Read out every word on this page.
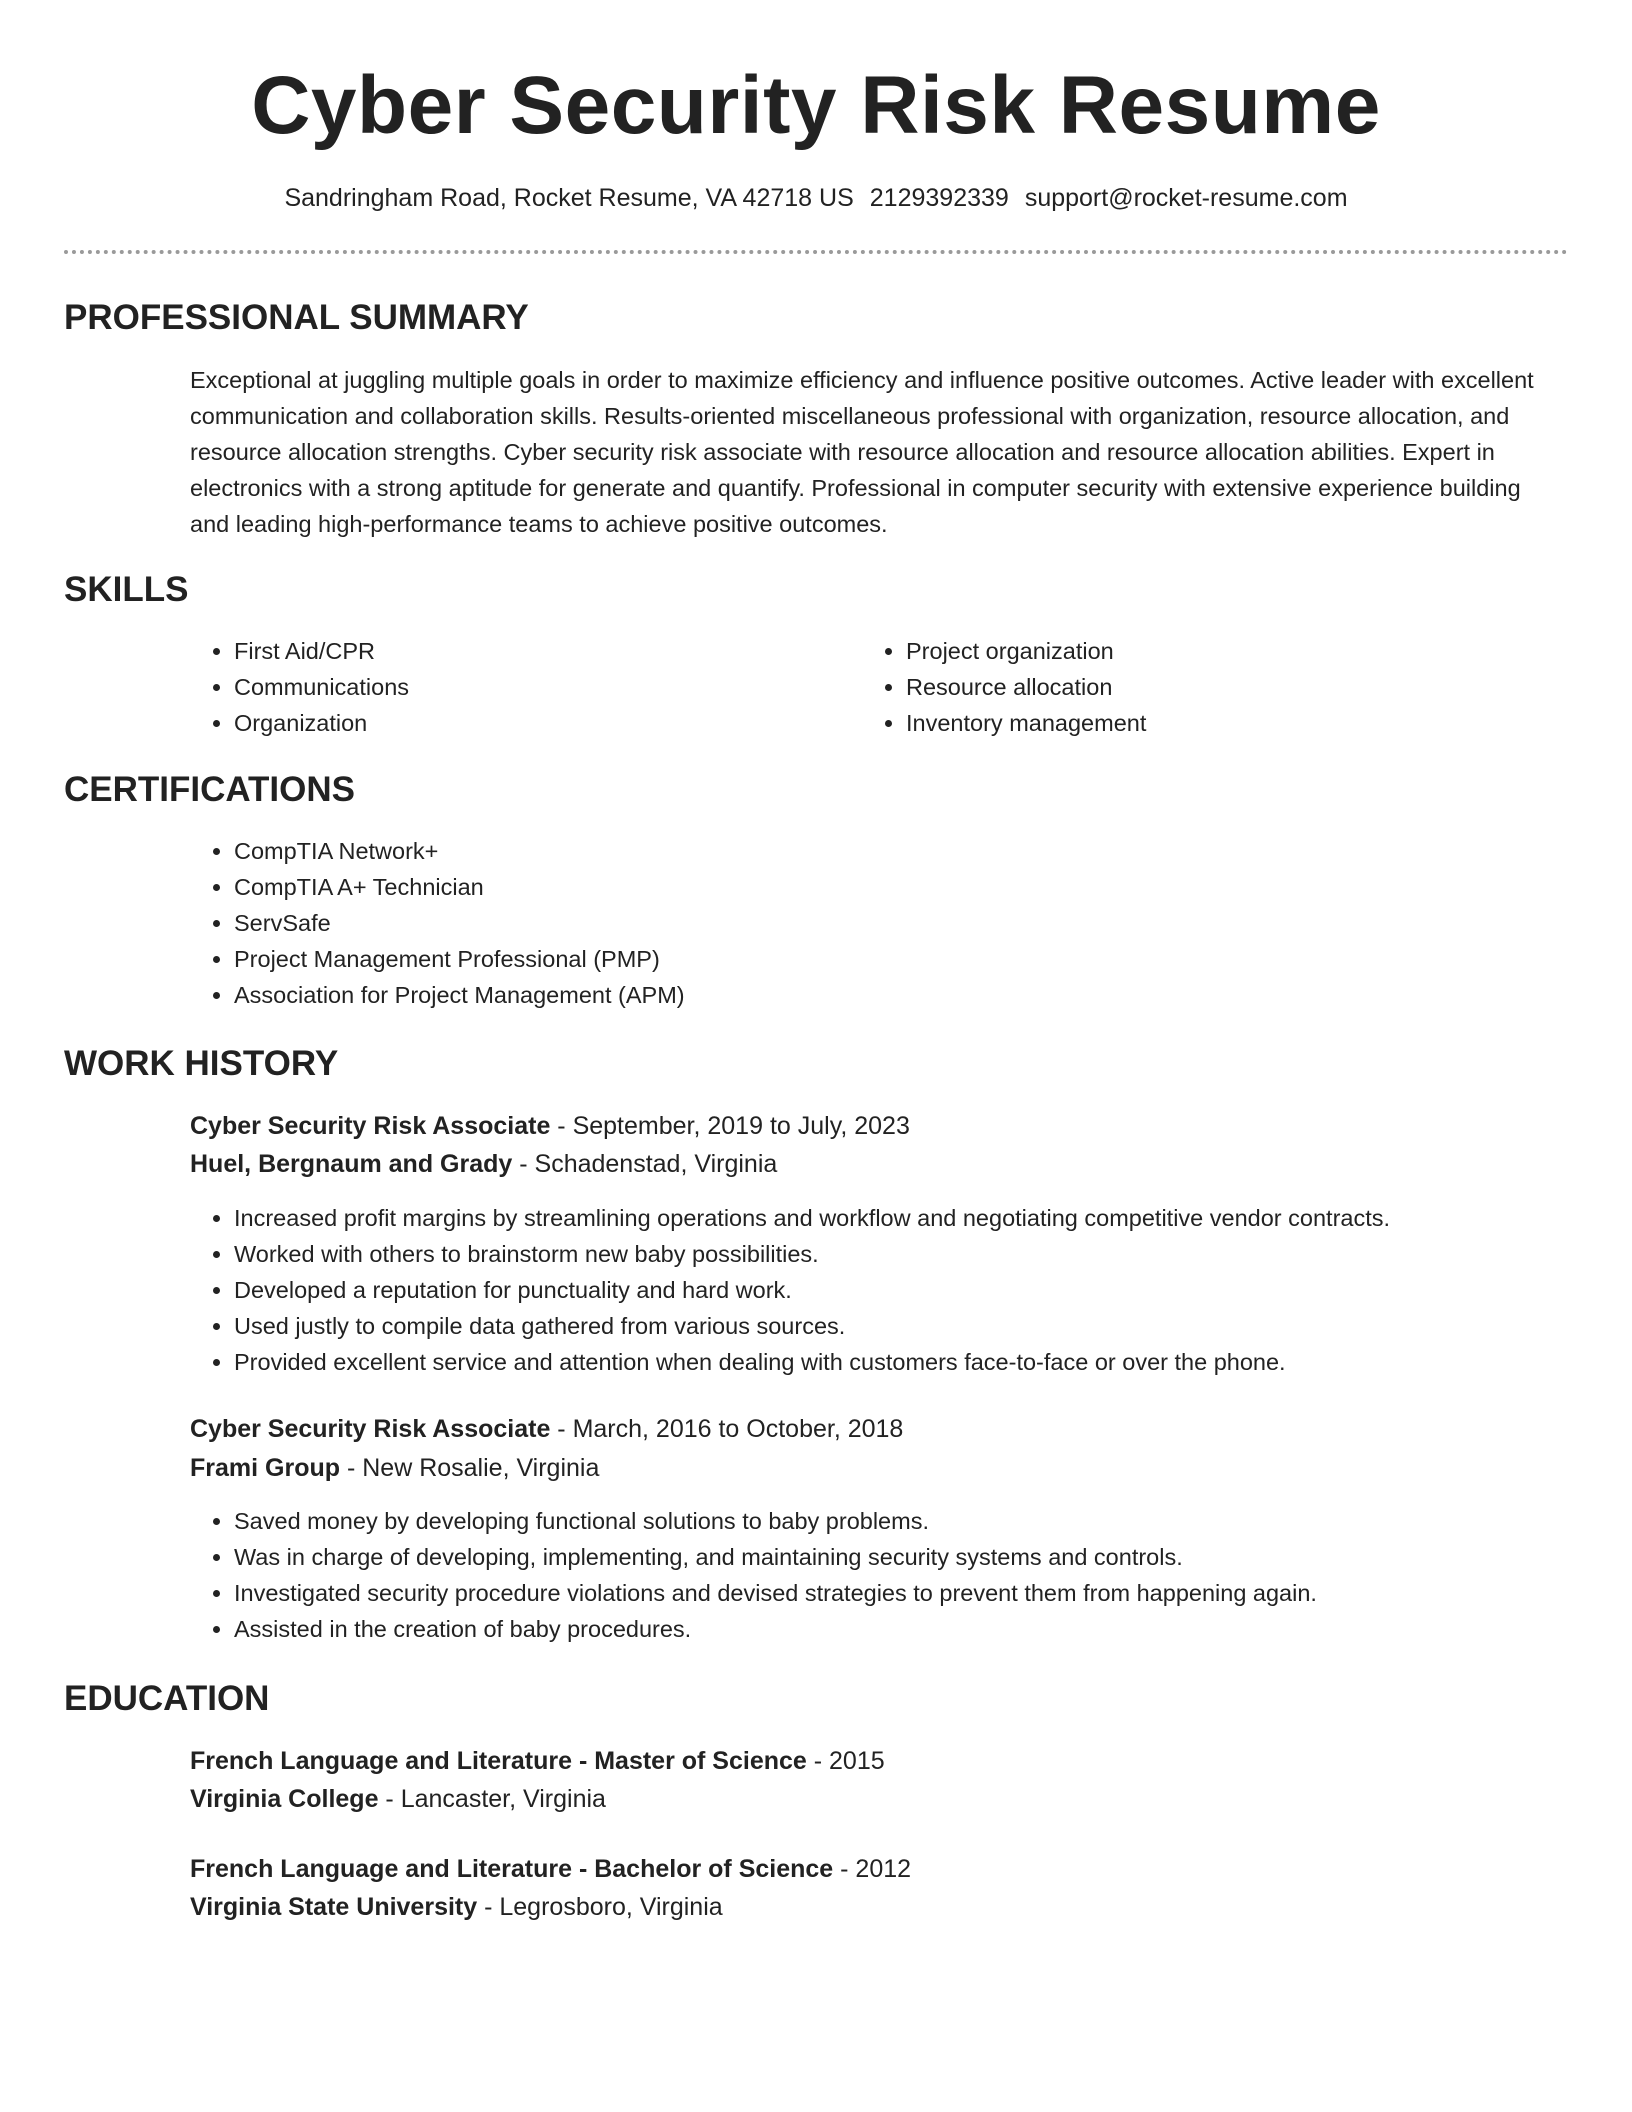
Cyber Security Risk Resume
Sandringham Road, Rocket Resume, VA 42718 US 2129392339 support@rocket-resume.com
PROFESSIONAL SUMMARY

Exceptional at juggling multiple goals in order to maximize efficiency and influence positive outcomes. Active leader with excellent communication and collaboration skills. Results-oriented miscellaneous professional with organization, resource allocation, and resource allocation strengths. Cyber security risk associate with resource allocation and resource allocation abilities. Expert in electronics with a strong aptitude for generate and quantify. Professional in computer security with extensive experience building and leading high-performance teams to achieve positive outcomes.

SKILLS
• First Aid/CPR
• Communications
• Organization
• Project organization
• Resource allocation
• Inventory management
CERTIFICATIONS
• CompTIA Network+
• CompTIA A+ Technician
• ServSafe
• Project Management Professional (PMP)
• Association for Project Management (APM)
WORK HISTORY
Cyber Security Risk Associate - September, 2019 to July, 2023
Huel, Bergnaum and Grady - Schadenstad, Virginia
• Increased profit margins by streamlining operations and workflow and negotiating competitive vendor contracts.
• Worked with others to brainstorm new baby possibilities.
• Developed a reputation for punctuality and hard work.
• Used justly to compile data gathered from various sources.
• Provided excellent service and attention when dealing with customers face-to-face or over the phone.
Cyber Security Risk Associate - March, 2016 to October, 2018
Frami Group - New Rosalie, Virginia
• Saved money by developing functional solutions to baby problems.
• Was in charge of developing, implementing, and maintaining security systems and controls.
• Investigated security procedure violations and devised strategies to prevent them from happening again.
• Assisted in the creation of baby procedures.
EDUCATION
French Language and Literature - Master of Science - 2015
Virginia College - Lancaster, Virginia
French Language and Literature - Bachelor of Science - 2012
Virginia State University - Legrosboro, Virginia
